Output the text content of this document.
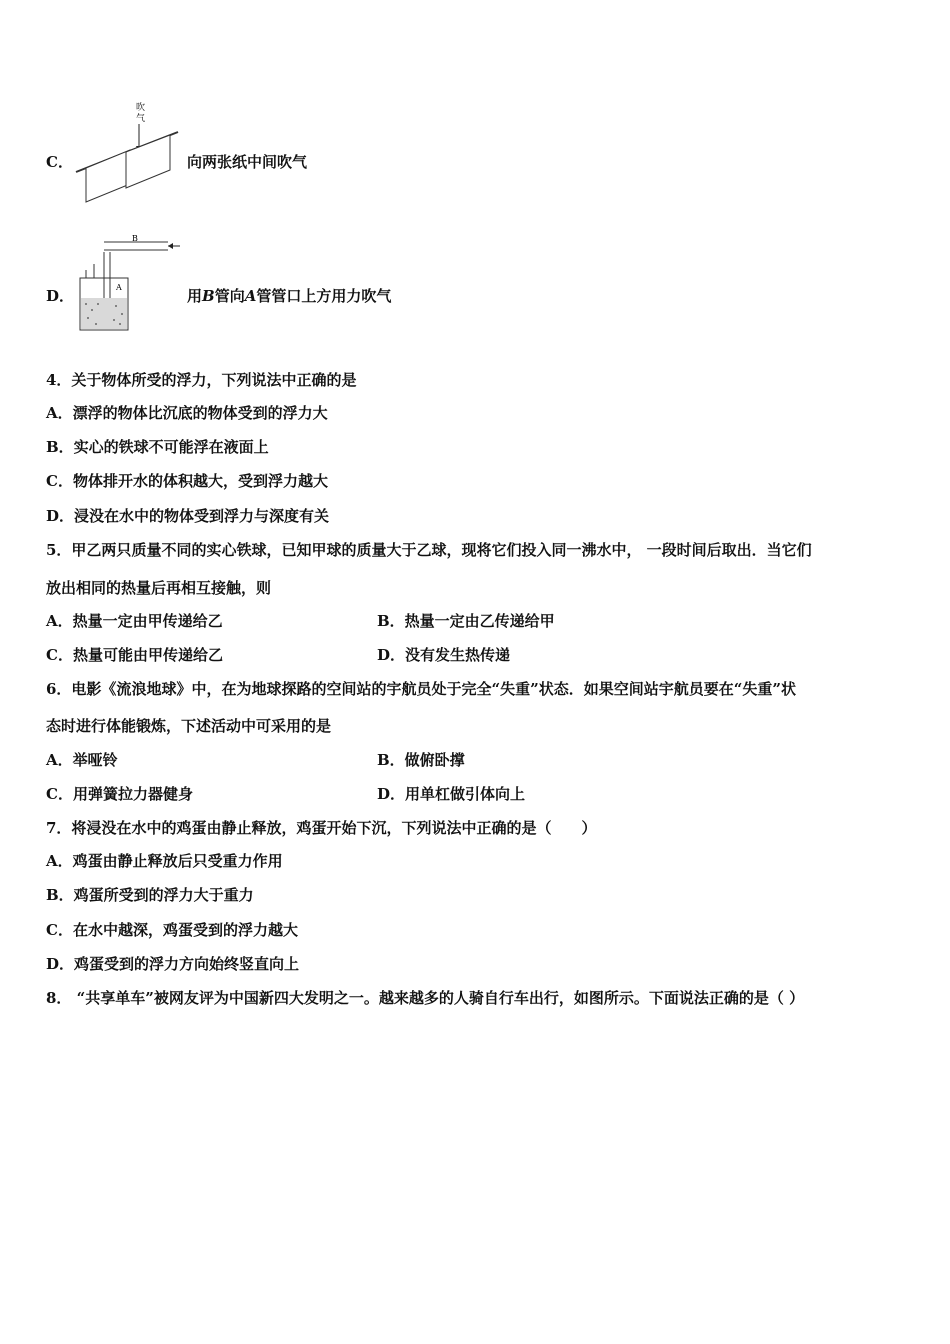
C．
吹
气
向两张纸中间吹气
D．
B
A	用B管向A管管口上方用力吹气
4．关于物体所受的浮力，下列说法中正确的是
A．漂浮的物体比沉底的物体受到的浮力大
B．实心的铁球不可能浮在液面上
C．物体排开水的体积越大，受到浮力越大
D．浸没在水中的物体受到浮力与深度有关
5．甲乙两只质量不同的实心铁球，已知甲球的质量大于乙球，现将它们投入同一沸水中， 一段时间后取出．当它们
放出相同的热量后再相互接触，则
A．热量一定由甲传递给乙	B．热量一定由乙传递给甲
C．热量可能由甲传递给乙	D．没有发生热传递
6．电影《流浪地球》中，在为地球探路的空间站的宇航员处于完全“失重”状态．如果空间站宇航员要在“失重”状
态时进行体能锻炼，下述活动中可采用的是
A．举哑铃	B．做俯卧撑
C．用弹簧拉力器健身	D．用单杠做引体向上
7．将浸没在水中的鸡蛋由静止释放，鸡蛋开始下沉，下列说法中正确的是（　　）
A．鸡蛋由静止释放后只受重力作用
B．鸡蛋所受到的浮力大于重力
C．在水中越深，鸡蛋受到的浮力越大
D．鸡蛋受到的浮力方向始终竖直向上
8． “共享单车”被网友评为中国新四大发明之一。越来越多的人骑自行车出行，如图所示。下面说法正确的是（ ）
